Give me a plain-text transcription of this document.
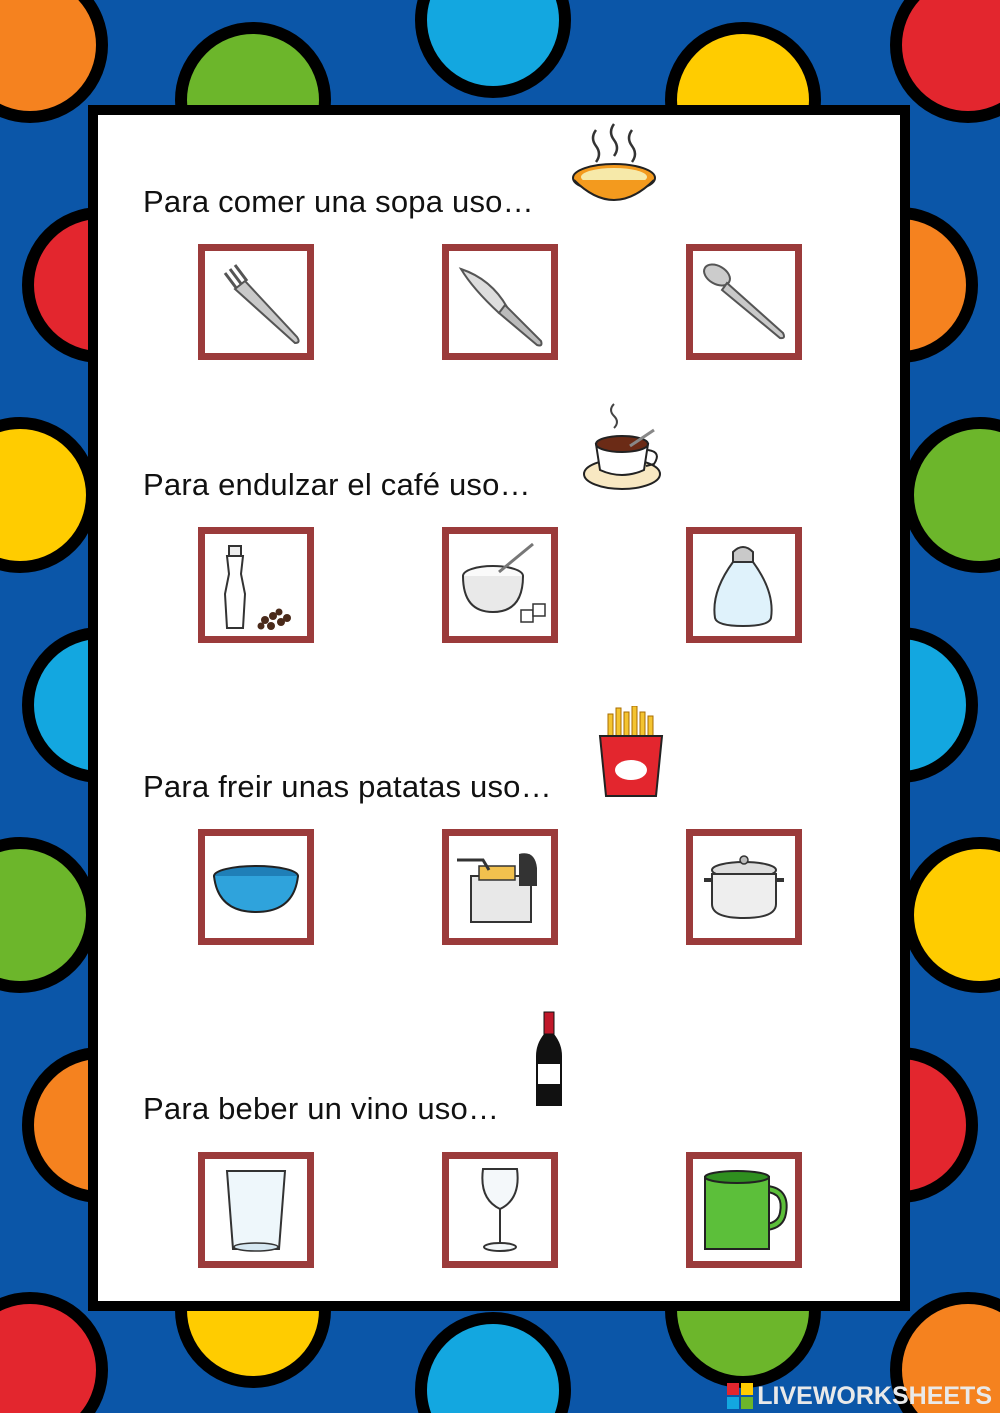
Para comer una sopa uso…
Para endulzar el café uso…
Para freir unas patatas uso…
Para beber un vino uso…
LIVEWORKSHEETS
